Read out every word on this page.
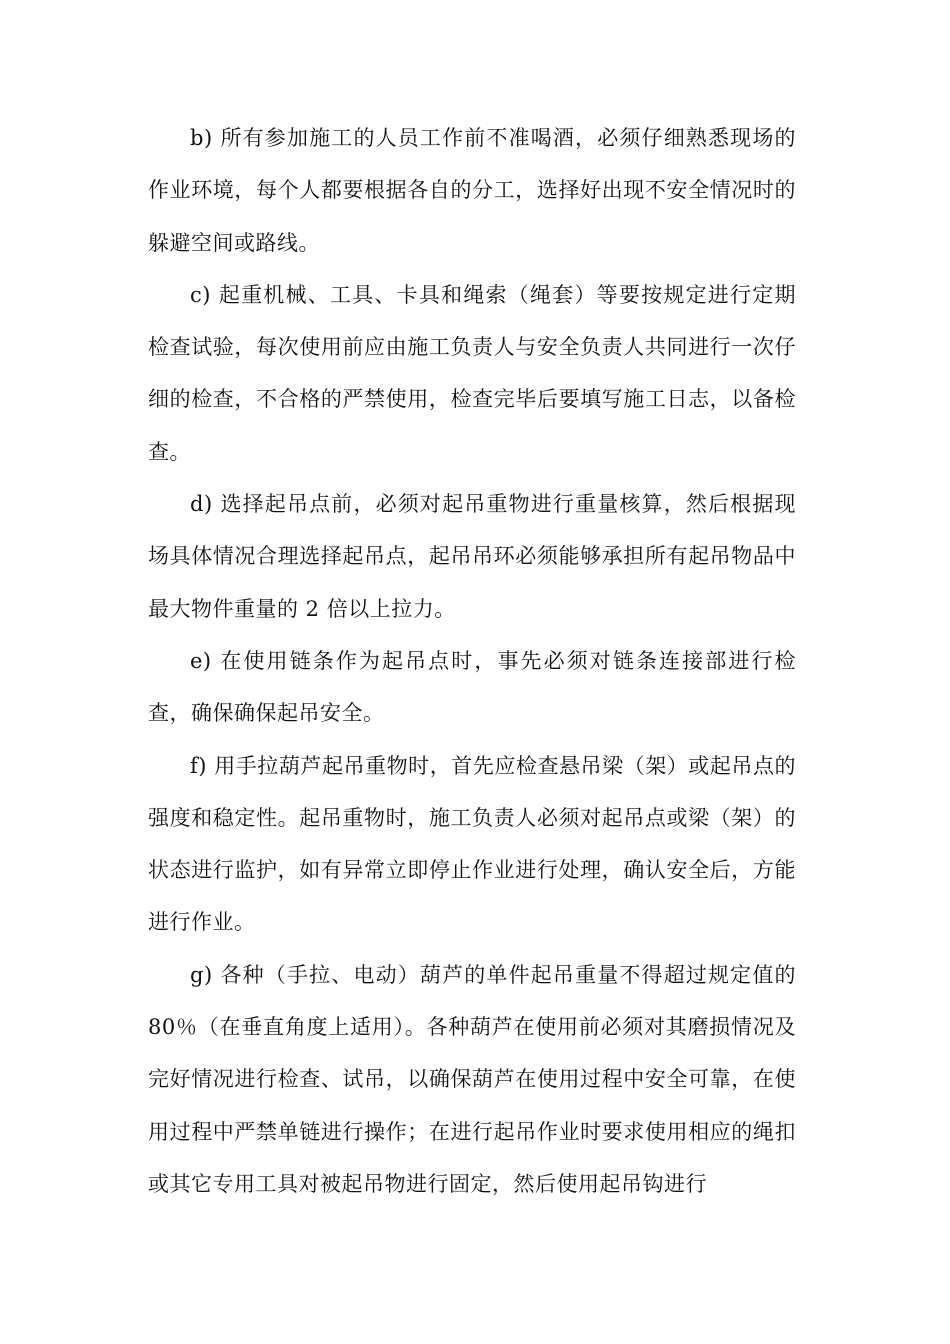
b) 所有参加施工的人员工作前不准喝酒，必须仔细熟悉现场的作业环境，每个人都要根据各自的分工，选择好出现不安全情况时的躲避空间或路线。

c) 起重机械、工具、卡具和绳索（绳套）等要按规定进行定期检查试验，每次使用前应由施工负责人与安全负责人共同进行一次仔细的检查，不合格的严禁使用，检查完毕后要填写施工日志，以备检查。

d) 选择起吊点前，必须对起吊重物进行重量核算，然后根据现场具体情况合理选择起吊点，起吊吊环必须能够承担所有起吊物品中最大物件重量的 2 倍以上拉力。

e) 在使用链条作为起吊点时，事先必须对链条连接部进行检查，确保确保起吊安全。

f) 用手拉葫芦起吊重物时，首先应检查悬吊梁（架）或起吊点的强度和稳定性。起吊重物时，施工负责人必须对起吊点或梁（架）的状态进行监护，如有异常立即停止作业进行处理，确认安全后，方能进行作业。

g) 各种（手拉、电动）葫芦的单件起吊重量不得超过规定值的 80％（在垂直角度上适用）。各种葫芦在使用前必须对其磨损情况及完好情况进行检查、试吊，以确保葫芦在使用过程中安全可靠，在使用过程中严禁单链进行操作；在进行起吊作业时要求使用相应的绳扣或其它专用工具对被起吊物进行固定，然后使用起吊钩进行
